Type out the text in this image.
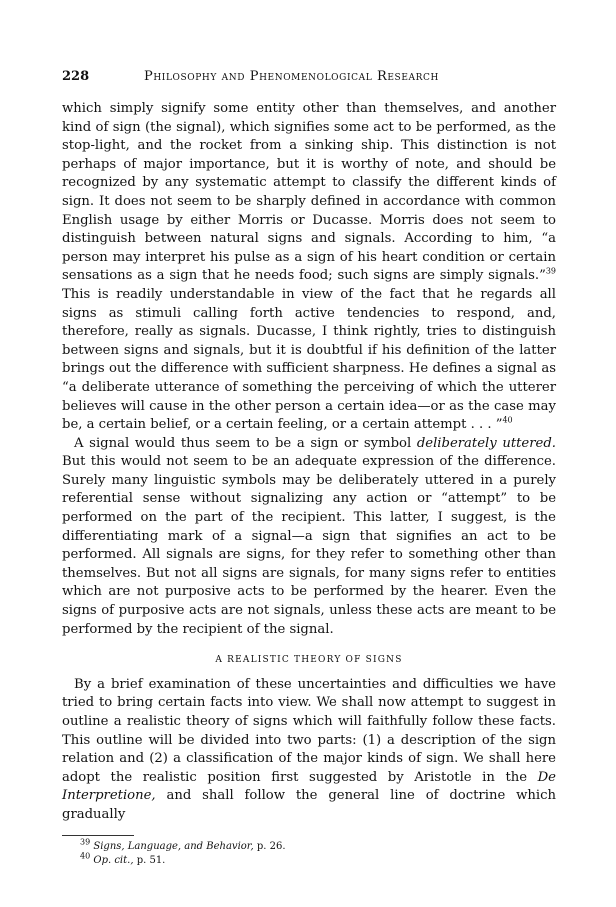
228	Philosophy and Phenomenological Research

which simply signify some entity other than themselves, and another kind of sign (the signal), which signifies some act to be performed, as the stop-light, and the rocket from a sinking ship. This distinction is not perhaps of major importance, but it is worthy of note, and should be recognized by any systematic attempt to classify the different kinds of sign. It does not seem to be sharply defined in accordance with common English usage by either Morris or Ducasse. Morris does not seem to distinguish between natural signs and signals. According to him, “a person may interpret his pulse as a sign of his heart condition or certain sensations as a sign that he needs food; such signs are simply signals.”$^{39}$ This is readily understandable in view of the fact that he regards all signs as stimuli calling forth active tendencies to respond, and, therefore, really as signals. Ducasse, I think rightly, tries to distinguish between signs and signals, but it is doubtful if his definition of the latter brings out the difference with sufficient sharpness. He defines a signal as “a deliberate utterance of something the perceiving of which the utterer believes will cause in the other person a certain idea—or as the case may be, a certain belief, or a certain feeling, or a certain attempt . . . ”$^{40}$

A signal would thus seem to be a sign or symbol deliberately uttered. But this would not seem to be an adequate expression of the difference. Surely many linguistic symbols may be deliberately uttered in a purely referential sense without signalizing any action or “attempt” to be performed on the part of the recipient. This latter, I suggest, is the differentiating mark of a signal—a sign that signifies an act to be performed. All signals are signs, for they refer to something other than themselves. But not all signs are signals, for many signs refer to entities which are not purposive acts to be performed by the hearer. Even the signs of purposive acts are not signals, unless these acts are meant to be performed by the recipient of the signal.

A REALISTIC THEORY OF SIGNS

By a brief examination of these uncertainties and difficulties we have tried to bring certain facts into view. We shall now attempt to suggest in outline a realistic theory of signs which will faithfully follow these facts. This outline will be divided into two parts: (1) a description of the sign relation and (2) a classification of the major kinds of sign. We shall here adopt the realistic position first suggested by Aristotle in the De Interpretione, and shall follow the general line of doctrine which gradually

$^{39}$ Signs, Language, and Behavior, p. 26.
$^{40}$ Op. cit., p. 51.
